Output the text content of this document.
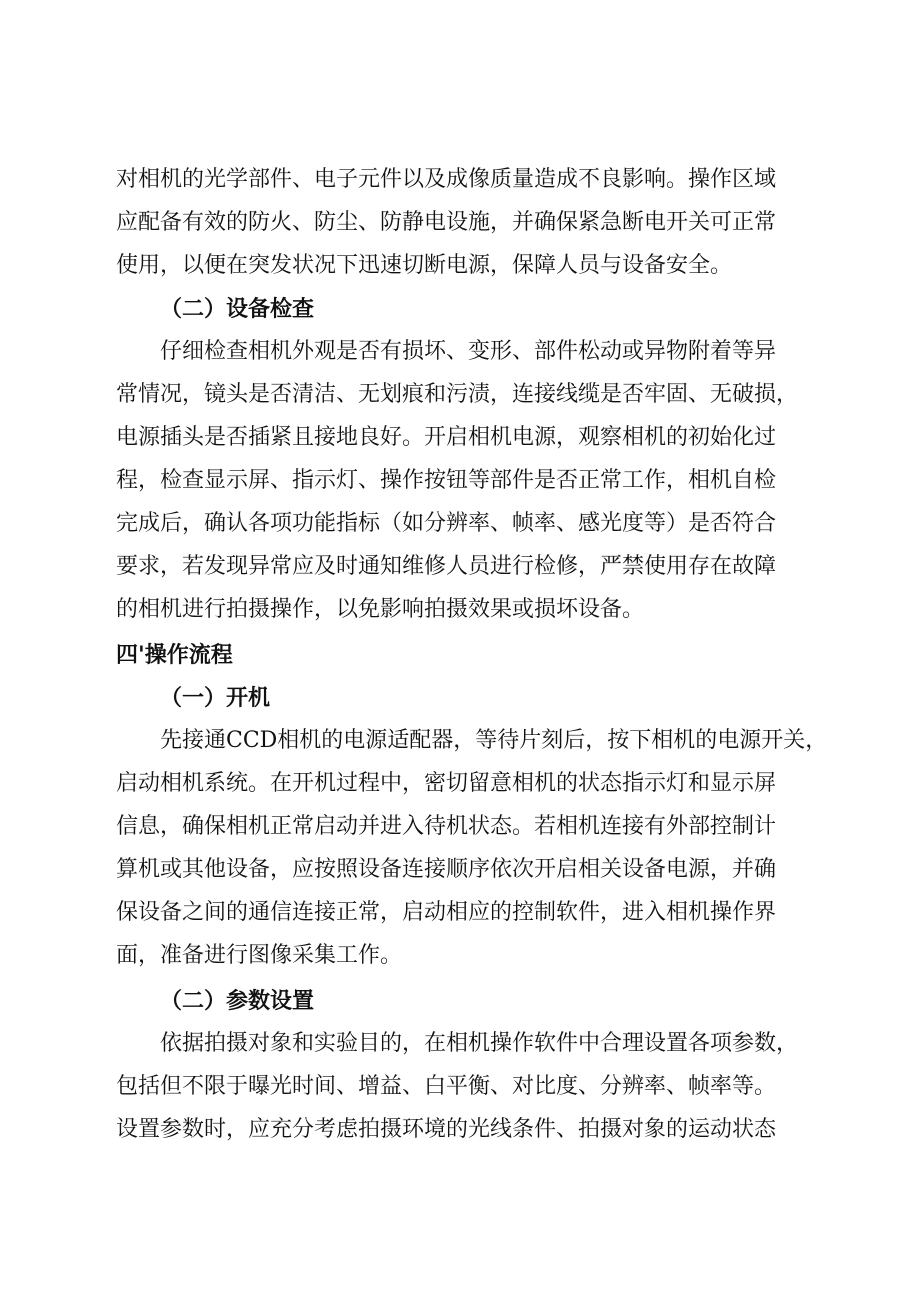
对相机的光学部件、电子元件以及成像质量造成不良影响。操作区域
应配备有效的防火、防尘、防静电设施，并确保紧急断电开关可正常
使用，以便在突发状况下迅速切断电源，保障人员与设备安全。
（二）设备检查
仔细检查相机外观是否有损坏、变形、部件松动或异物附着等异
常情况，镜头是否清洁、无划痕和污渍，连接线缆是否牢固、无破损，
电源插头是否插紧且接地良好。开启相机电源，观察相机的初始化过
程，检查显示屏、指示灯、操作按钮等部件是否正常工作，相机自检
完成后，确认各项功能指标（如分辨率、帧率、感光度等）是否符合
要求，若发现异常应及时通知维修人员进行检修，严禁使用存在故障
的相机进行拍摄操作，以免影响拍摄效果或损坏设备。
四'操作流程
（一）开机
先接通CCD相机的电源适配器，等待片刻后，按下相机的电源开关，
启动相机系统。在开机过程中，密切留意相机的状态指示灯和显示屏
信息，确保相机正常启动并进入待机状态。若相机连接有外部控制计
算机或其他设备，应按照设备连接顺序依次开启相关设备电源，并确
保设备之间的通信连接正常，启动相应的控制软件，进入相机操作界
面，准备进行图像采集工作。
（二）参数设置
依据拍摄对象和实验目的，在相机操作软件中合理设置各项参数，
包括但不限于曝光时间、增益、白平衡、对比度、分辨率、帧率等。
设置参数时，应充分考虑拍摄环境的光线条件、拍摄对象的运动状态
